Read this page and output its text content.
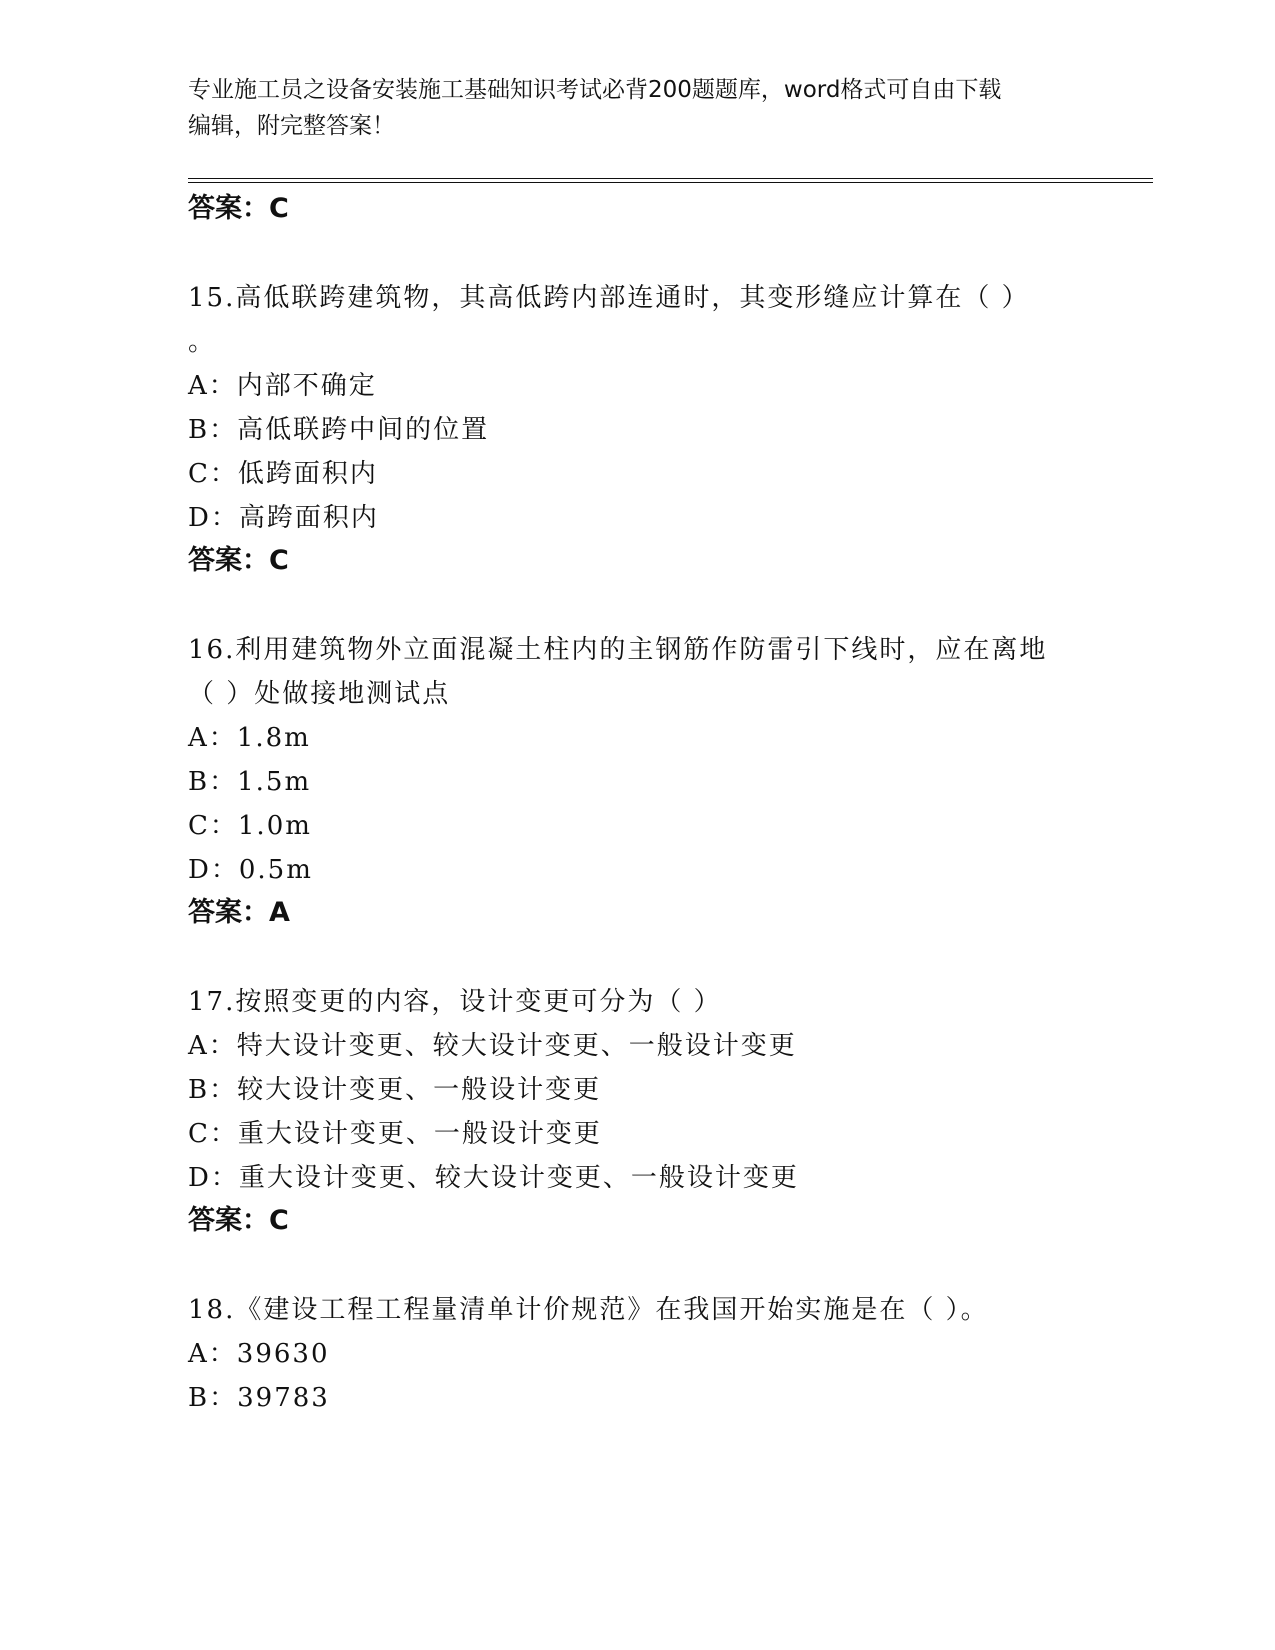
专业施工员之设备安装施工基础知识考试必背200题题库，word格式可自由下载
编辑，附完整答案！
答案：C
15.高低联跨建筑物，其高低跨内部连通时，其变形缝应计算在（ ）
。
A：内部不确定
B：高低联跨中间的位置
C：低跨面积内
D：高跨面积内
答案：C
16.利用建筑物外立面混凝土柱内的主钢筋作防雷引下线时，应在离地
（ ）处做接地测试点
A：1.8m
B：1.5m
C：1.0m
D：0.5m
答案：A
17.按照变更的内容，设计变更可分为（ ）
A：特大设计变更、较大设计变更、一般设计变更
B：较大设计变更、一般设计变更
C：重大设计变更、一般设计变更
D：重大设计变更、较大设计变更、一般设计变更
答案：C
18.《建设工程工程量清单计价规范》在我国开始实施是在（ ）。
A：39630
B：39783
